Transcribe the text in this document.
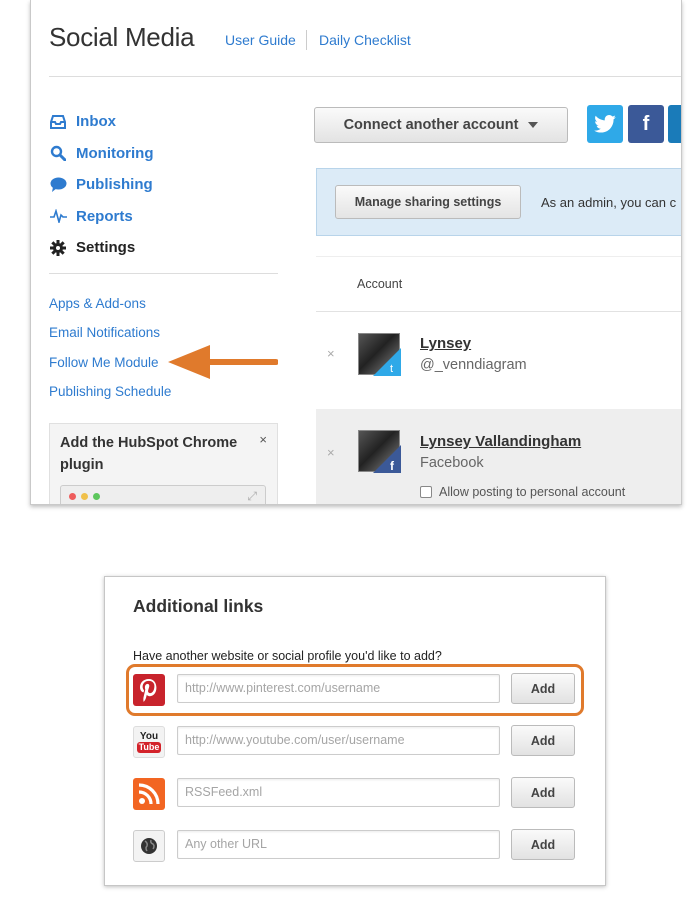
Social Media User Guide Daily Checklist
Inbox
Monitoring
Publishing
Reports
Settings
Apps & Add-ons
Email Notifications
Follow Me Module
Publishing Schedule
Add the HubSpot Chrome plugin
×
⤢
Connect another account	f
Manage sharing settings	As an admin, you can c
Account
×
t
Lynsey
@_venndiagram
×
f
Lynsey Vallandingham
Facebook
Allow posting to personal account
Additional links
Have another website or social profile you'd like to add?
http://www.pinterest.com/username	Add
You
Tube	http://www.youtube.com/user/username	Add
RSSFeed.xml	Add
Any other URL	Add
